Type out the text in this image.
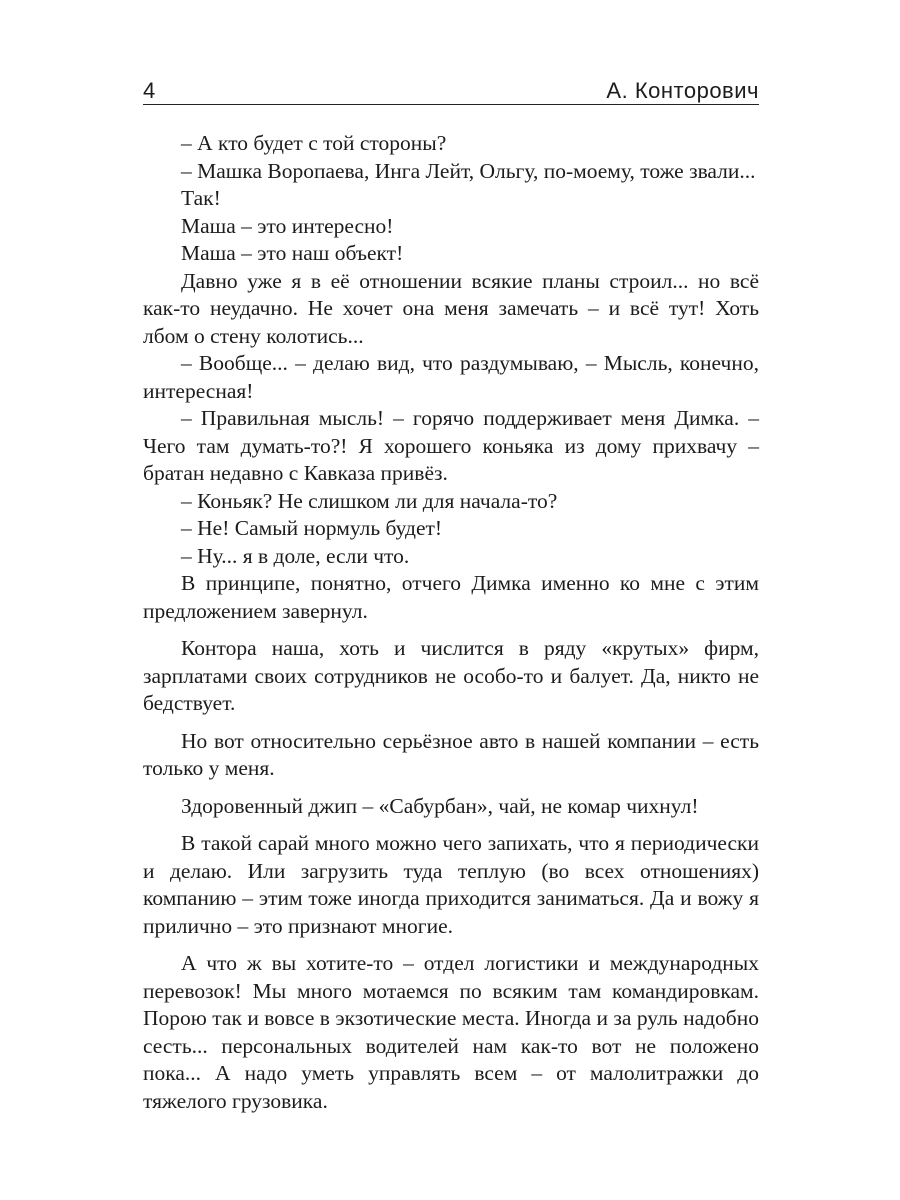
4	А. Конторович

– А кто будет с той стороны?

– Машка Воропаева, Инга Лейт, Ольгу, по-моему, тоже звали...

Так!

Маша – это интересно!

Маша – это наш объект!

Давно уже я в её отношении всякие планы строил... но всё как-то неудачно. Не хочет она меня замечать – и всё тут! Хоть лбом о стену колотись...

– Вообще... – делаю вид, что раздумываю, – Мысль, конечно, интересная!

– Правильная мысль! – горячо поддерживает меня Димка. – Чего там думать-то?! Я хорошего коньяка из дому прихвачу – братан недавно с Кавказа привёз.

– Коньяк? Не слишком ли для начала-то?

– Не! Самый нормуль будет!

– Ну... я в доле, если что.

В принципе, понятно, отчего Димка именно ко мне с этим предложением завернул.

Контора наша, хоть и числится в ряду «крутых» фирм, зарплатами своих сотрудников не особо-то и балует. Да, никто не бедствует.

Но вот относительно серьёзное авто в нашей компании – есть только у меня.

Здоровенный джип – «Сабурбан», чай, не комар чихнул!

В такой сарай много можно чего запихать, что я периодически и делаю. Или загрузить туда теплую (во всех отношениях) компанию – этим тоже иногда приходится заниматься. Да и вожу я прилично – это признают многие.

А что ж вы хотите-то – отдел логистики и международных перевозок! Мы много мотаемся по всяким там командировкам. Порою так и вовсе в экзотические места. Иногда и за руль надобно сесть... персональных водителей нам как-то вот не положено пока... А надо уметь управлять всем – от малолитражки до тяжелого грузовика.
